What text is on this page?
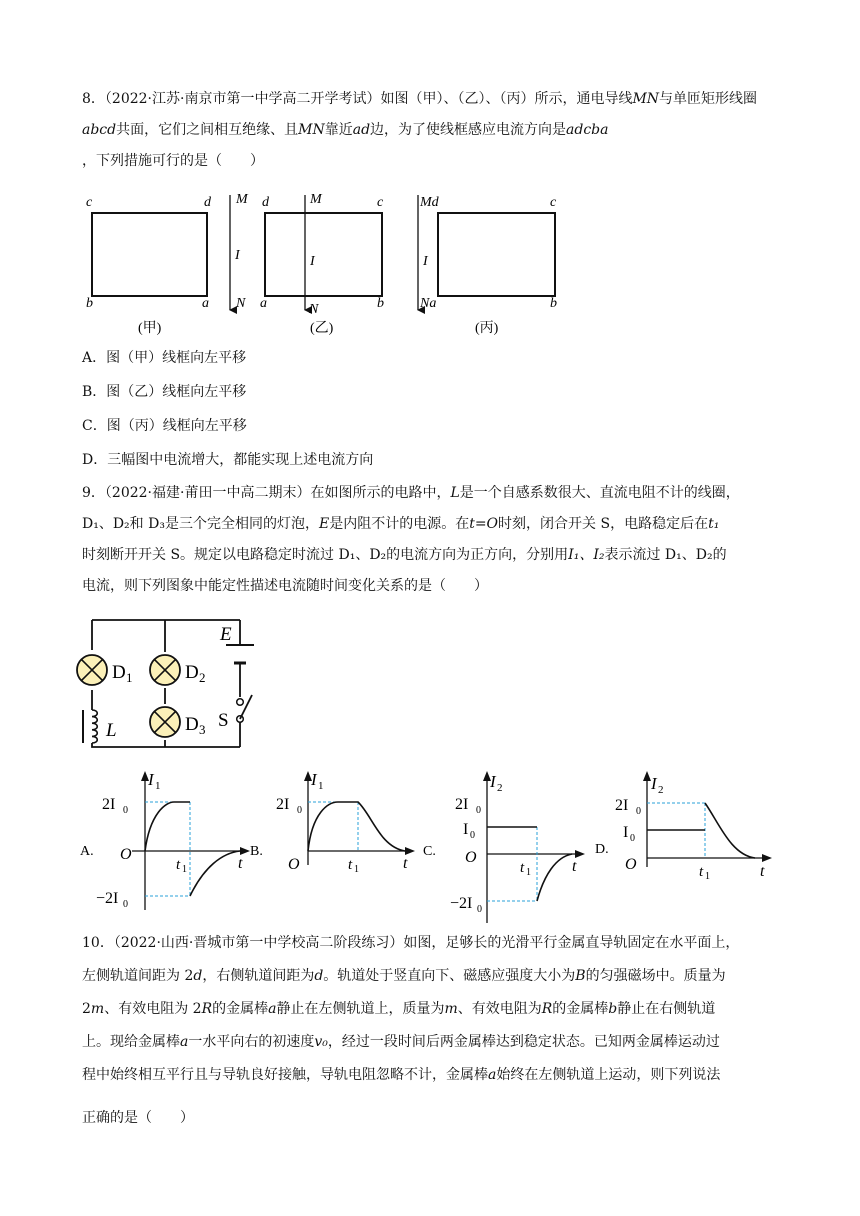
8．（2022·江苏·南京市第一中学高二开学考试）如图（甲）、（乙）、（丙）所示，通电导线MN与单匝矩形线圈

abcd共面，它们之间相互绝缘、且MN靠近ad边，为了使线框感应电流方向是adcba

，下列措施可行的是（　　）

c	d
b	a
M
I
N
(甲)
d	M	c
I
a	N	b
(乙)
Md	c
I
Na	b
(丙)

A．图（甲）线框向左平移

B．图（乙）线框向左平移

C．图（丙）线框向左平移

D．三幅图中电流增大，都能实现上述电流方向

9．（2022·福建·莆田一中高二期末）在如图所示的电路中，L是一个自感系数很大、直流电阻不计的线圈，

D₁、D₂和 D₃是三个完全相同的灯泡，E是内阻不计的电源。在t=O时刻，闭合开关 S，电路稳定后在t₁

时刻断开开关 S。规定以电路稳定时流过 D₁、D₂的电流方向为正方向，分别用I₁、I₂表示流过 D₁、D₂的

电流，则下列图象中能定性描述电流随时间变化关系的是（　　）

D 1	D 2
D 3
L
E
S
A.
I 1
2I 0
O
−2I 0
t 1	t
B.
I 1
2I 0
O	t 1	t
C.
I 2
2I 0
I 0
O
−2I 0
t 1	t
D.
I 2
2I 0
I 0
O	t 1	t

10．（2022·山西·晋城市第一中学校高二阶段练习）如图，足够长的光滑平行金属直导轨固定在水平面上，

左侧轨道间距为 2d，右侧轨道间距为d。轨道处于竖直向下、磁感应强度大小为B的匀强磁场中。质量为

2m、有效电阻为 2R的金属棒a静止在左侧轨道上，质量为m、有效电阻为R的金属棒b静止在右侧轨道

上。现给金属棒a一水平向右的初速度v₀，经过一段时间后两金属棒达到稳定状态。已知两金属棒运动过

程中始终相互平行且与导轨良好接触，导轨电阻忽略不计，金属棒a始终在左侧轨道上运动，则下列说法

正确的是（　　）
